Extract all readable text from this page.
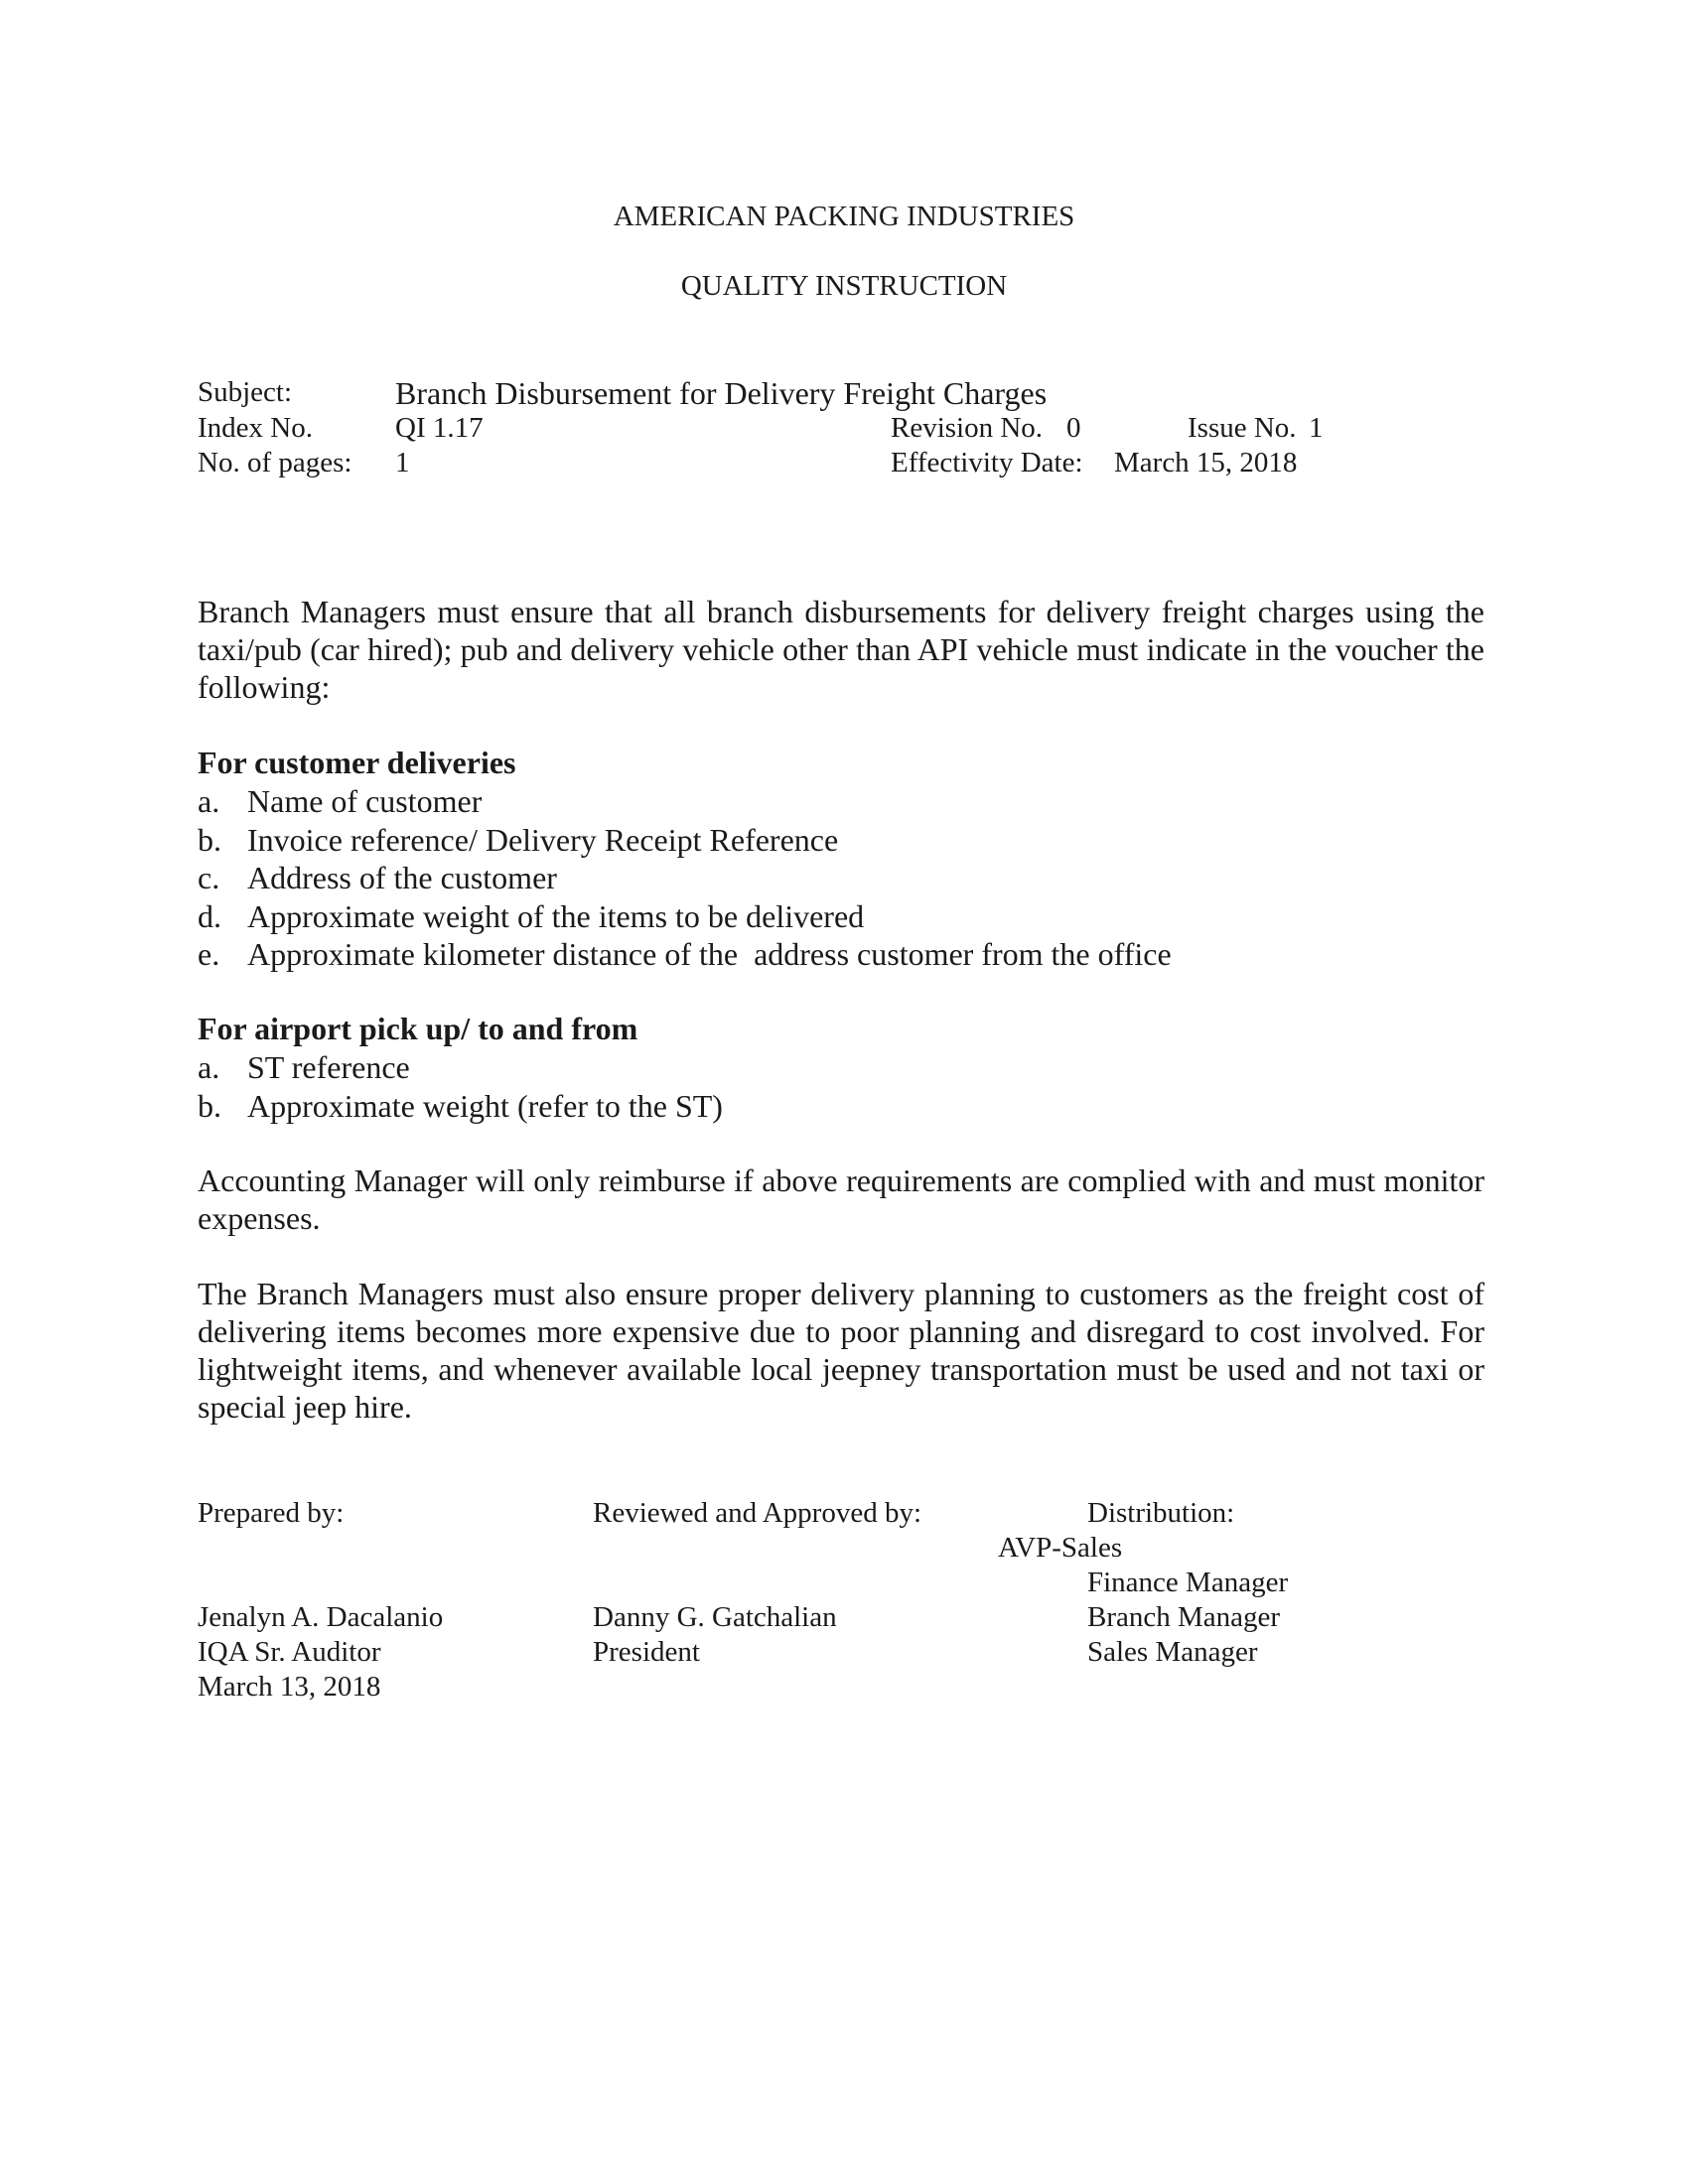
AMERICAN PACKING INDUSTRIES
QUALITY INSTRUCTION
Subject:	Branch Disbursement for Delivery Freight Charges
Index No.	QI 1.17	Revision No. 0	Issue No. 1
No. of pages: 1	Effectivity Date: March 15, 2018
Branch Managers must ensure that all branch disbursements for delivery freight charges using the taxi/pub (car hired); pub and delivery vehicle other than API vehicle must indicate in the voucher the following:
For customer deliveries
a. Name of customer
b. Invoice reference/ Delivery Receipt Reference
c. Address of the customer
d. Approximate weight of the items to be delivered
e. Approximate kilometer distance of the  address customer from the office
For airport pick up/ to and from
a. ST reference
b. Approximate weight (refer to the ST)
Accounting Manager will only reimburse if above requirements are complied with and must monitor expenses.
The Branch Managers must also ensure proper delivery planning to customers as the freight cost of delivering items becomes more expensive due to poor planning and disregard to cost involved. For lightweight items, and whenever available local jeepney transportation must be used and not taxi or special jeep hire.
Prepared by:	Reviewed and Approved by:	Distribution:
AVP-Sales
Finance Manager
Jenalyn A. Dacalanio	Danny G. Gatchalian	Branch Manager
IQA Sr. Auditor	President	Sales Manager
March 13, 2018
